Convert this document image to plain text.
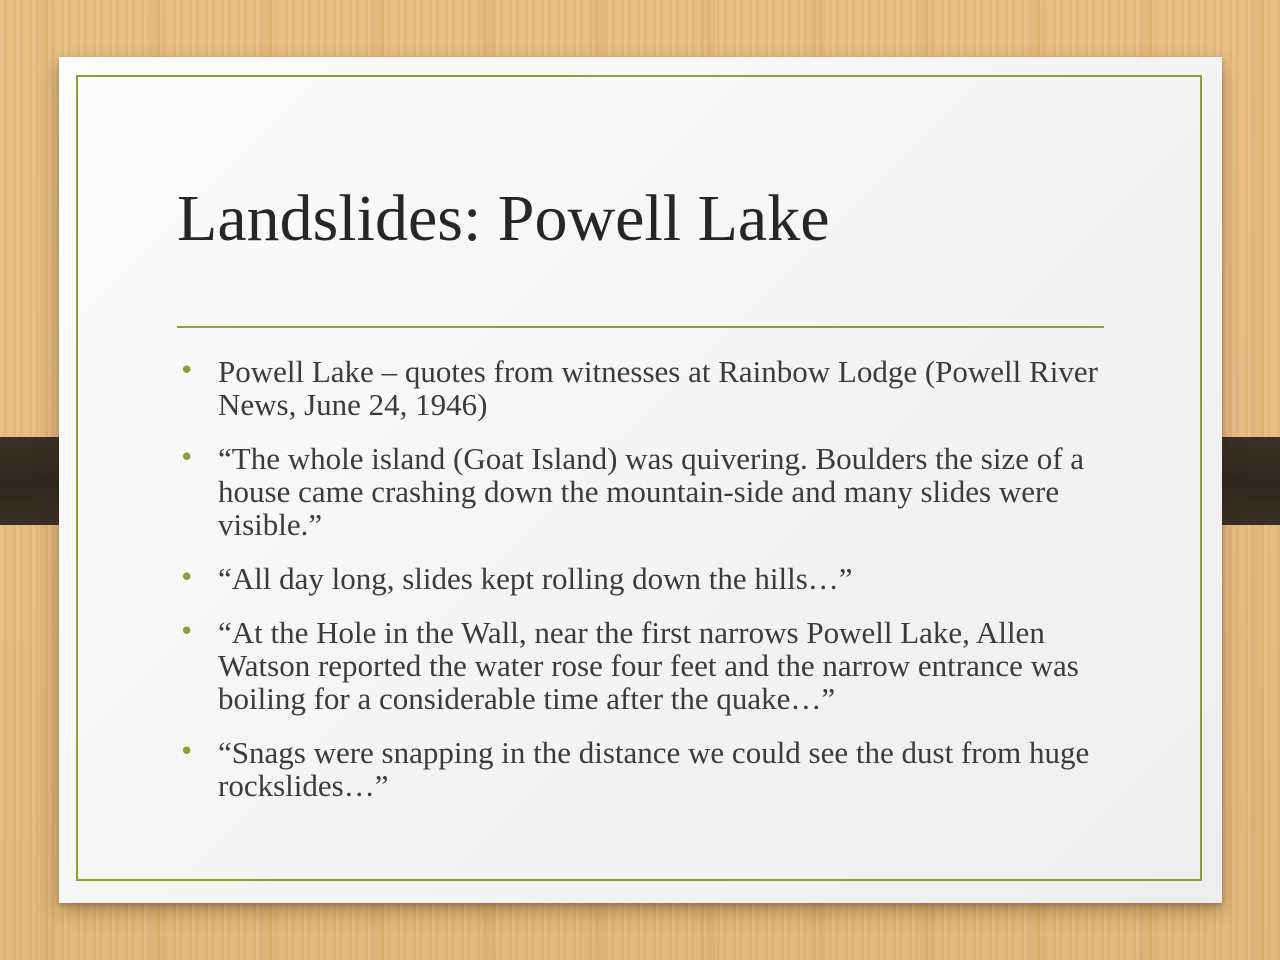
Landslides: Powell Lake
• Powell Lake – quotes from witnesses at Rainbow Lodge (Powell River News, June 24, 1946)
• “The whole island (Goat Island) was quivering. Boulders the size of a house came crashing down the mountain-side and many slides were visible.”
• “All day long, slides kept rolling down the hills…”
• “At the Hole in the Wall, near the first narrows Powell Lake, Allen Watson reported the water rose four feet and the narrow entrance was boiling for a considerable time after the quake…”
• “Snags were snapping in the distance we could see the dust from huge rockslides…”
